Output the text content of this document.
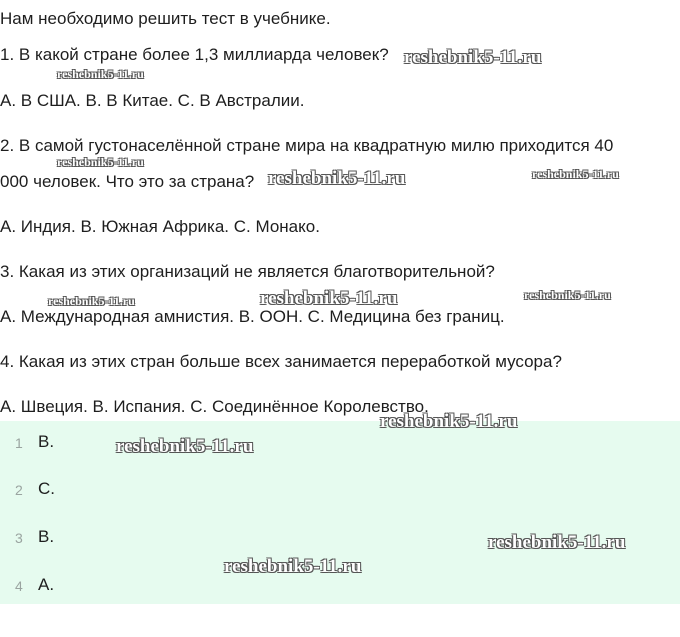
Нам необходимо решить тест в учебнике.
1. В какой стране более 1,3 миллиарда человек?
A. В США. B. В Китае. C. В Австралии.
2. В самой густонаселённой стране мира на квадратную милю приходится 40
000 человек. Что это за страна?
A. Индия. B. Южная Африка. C. Монако.
3. Какая из этих организаций не является благотворительной?
A. Международная амнистия. B. ООН. C. Медицина без границ.
4. Какая из этих стран больше всех занимается переработкой мусора?
A. Швеция. B. Испания. C. Соединённое Королевство.
1 B.
2 C.
3 B.
4 A.
reshebnik5-11.ru
reshebnik5-11.ru
reshebnik5-11.ru
reshebnik5-11.ru	reshebnik5-11.ru
reshebnik5-11.ru	reshebnik5-11.ru	reshebnik5-11.ru
reshebnik5-11.ru
reshebnik5-11.ru
reshebnik5-11.ru
reshebnik5-11.ru
